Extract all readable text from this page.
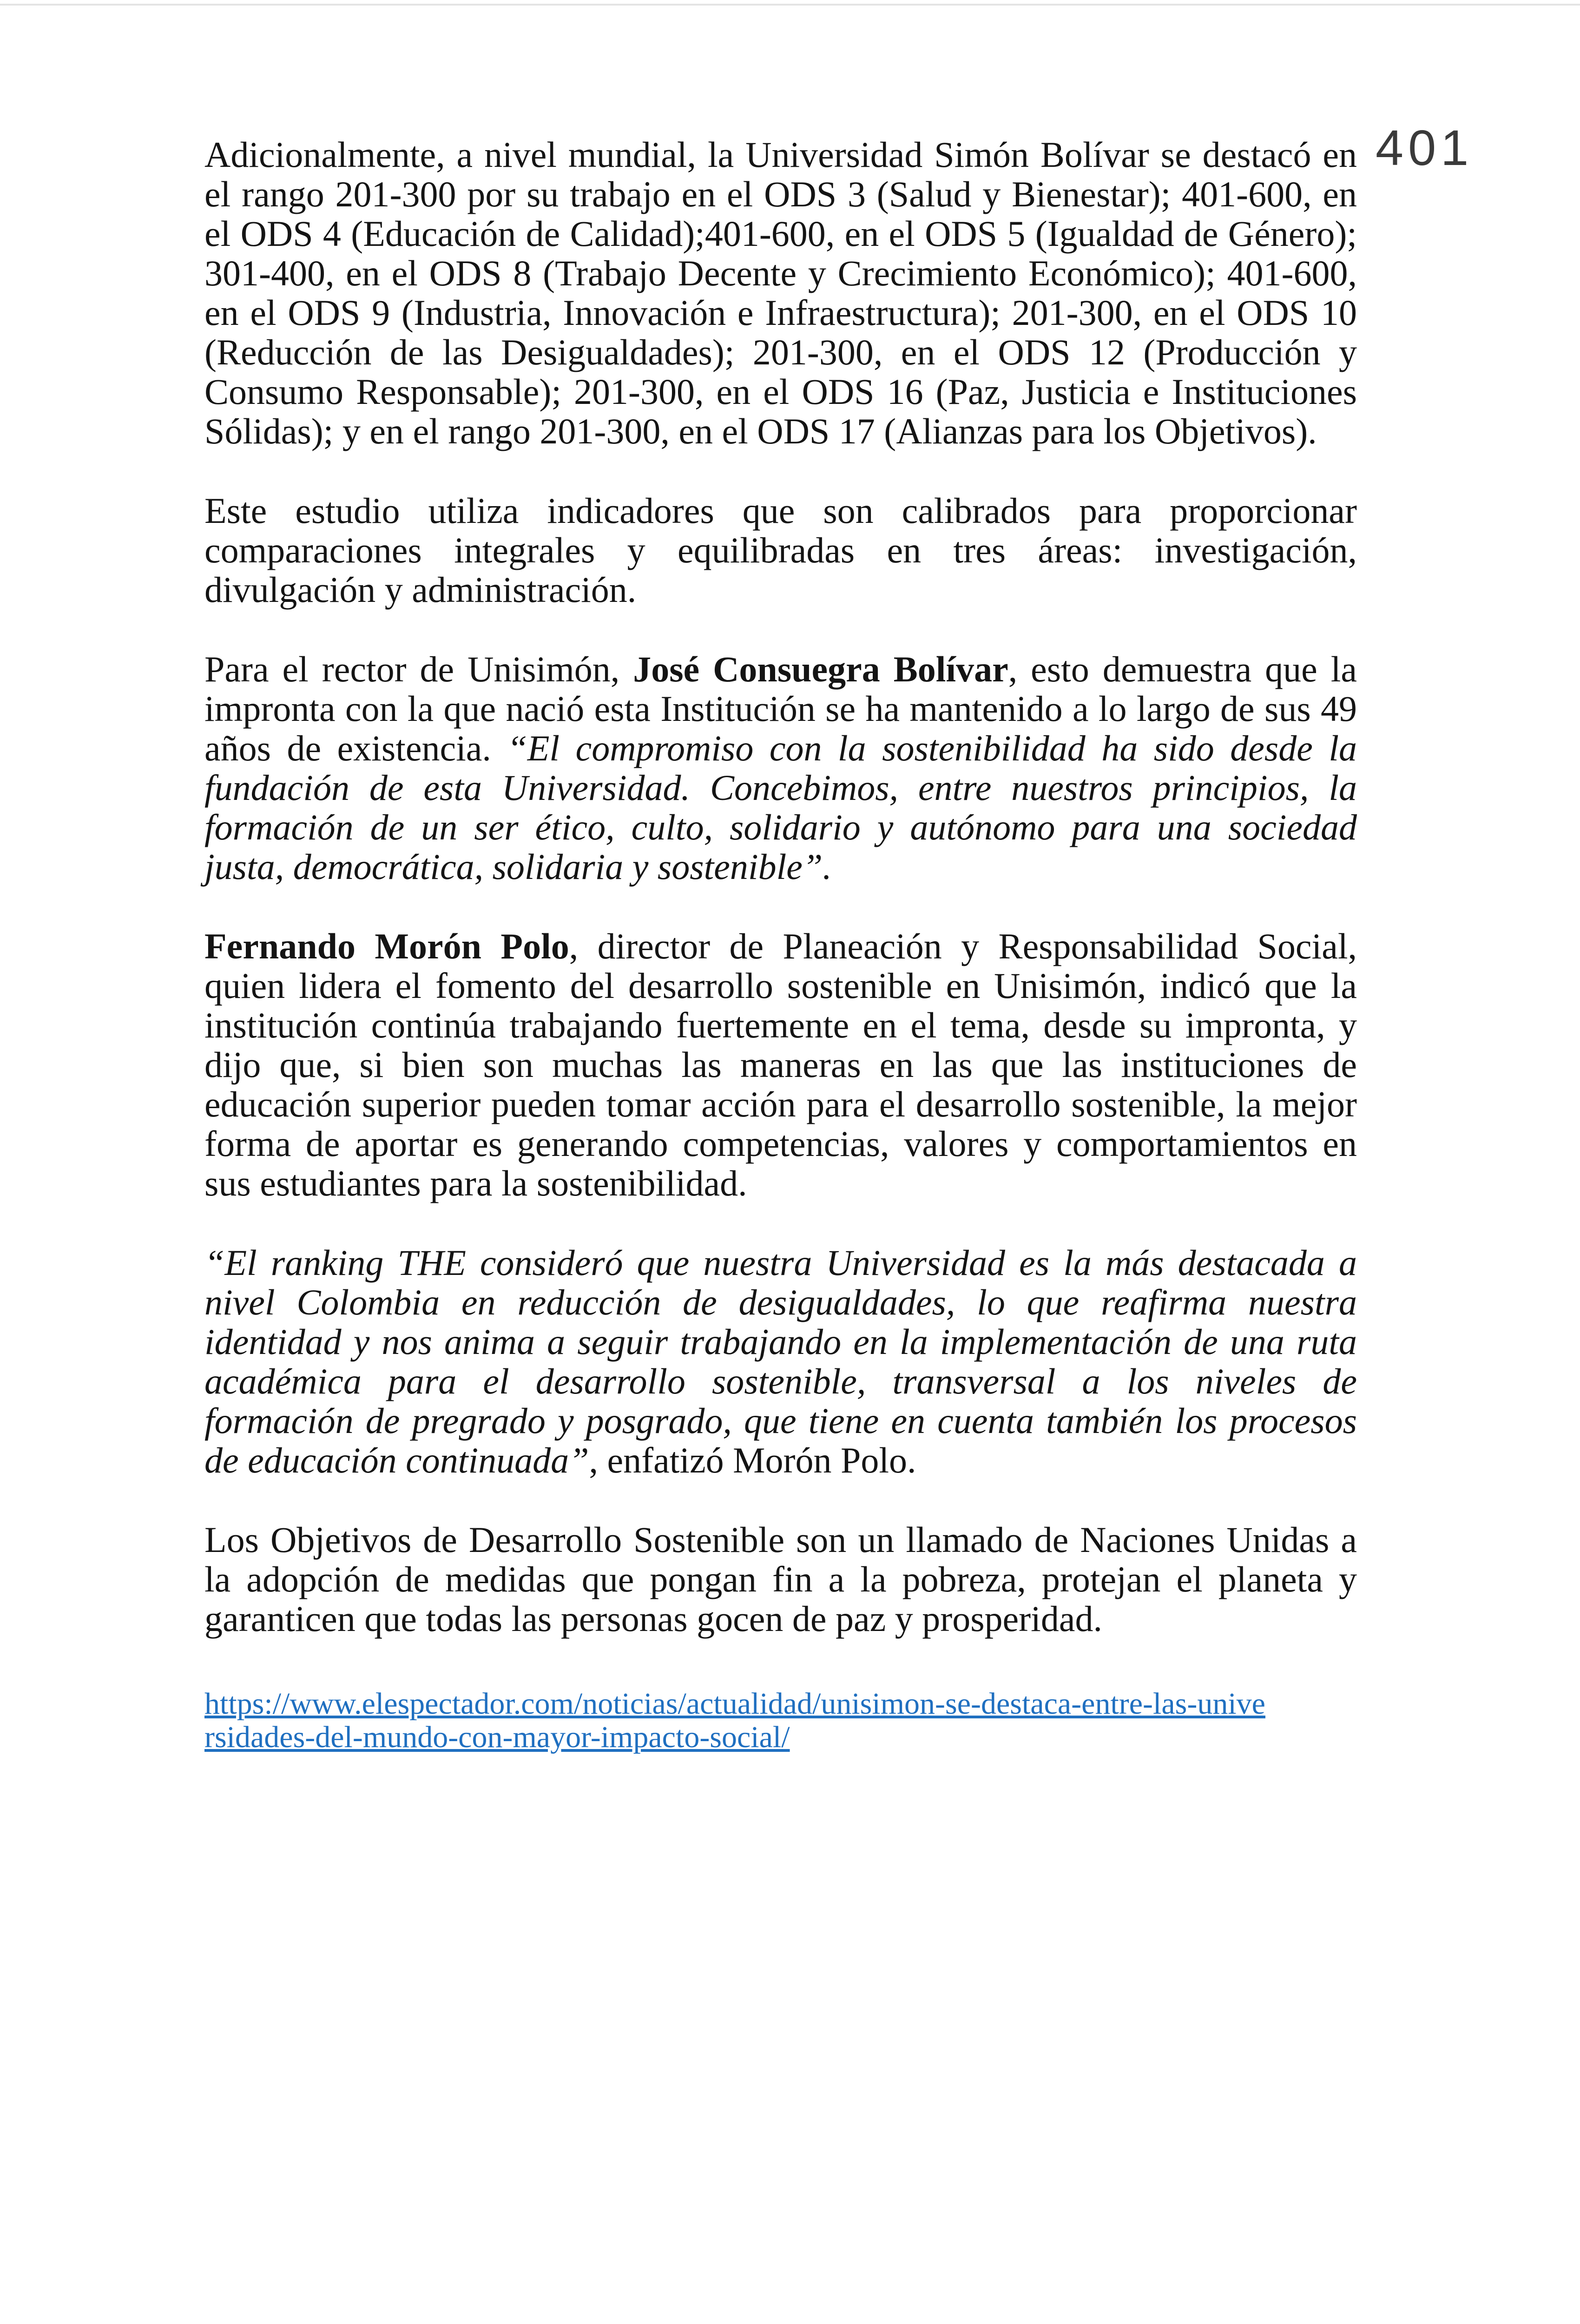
401

Adicionalmente, a nivel mundial, la Universidad Simón Bolívar se destacó en el rango 201-300 por su trabajo en el ODS 3 (Salud y Bienestar); 401-600, en el ODS 4 (Educación de Calidad);401-600, en el ODS 5 (Igualdad de Género); 301-400, en el ODS 8 (Trabajo Decente y Crecimiento Económico); 401-600, en el ODS 9 (Industria, Innovación e Infraestructura); 201-300, en el ODS 10 (Reducción de las Desigualdades); 201-300, en el ODS 12 (Producción y Consumo Responsable); 201-300, en el ODS 16 (Paz, Justicia e Instituciones Sólidas); y en el rango 201-300, en el ODS 17 (Alianzas para los Objetivos).

Este estudio utiliza indicadores que son calibrados para proporcionar comparaciones integrales y equilibradas en tres áreas: investigación, divulgación y administración.

Para el rector de Unisimón, José Consuegra Bolívar, esto demuestra que la impronta con la que nació esta Institución se ha mantenido a lo largo de sus 49 años de existencia. “El compromiso con la sostenibilidad ha sido desde la fundación de esta Universidad. Concebimos, entre nuestros principios, la formación de un ser ético, culto, solidario y autónomo para una sociedad justa, democrática, solidaria y sostenible”.

Fernando Morón Polo, director de Planeación y Responsabilidad Social, quien lidera el fomento del desarrollo sostenible en Unisimón, indicó que la institución continúa trabajando fuertemente en el tema, desde su impronta, y dijo que, si bien son muchas las maneras en las que las instituciones de educación superior pueden tomar acción para el desarrollo sostenible, la mejor forma de aportar es generando competencias, valores y comportamientos en sus estudiantes para la sostenibilidad.

“El ranking THE consideró que nuestra Universidad es la más destacada a nivel Colombia en reducción de desigualdades, lo que reafirma nuestra identidad y nos anima a seguir trabajando en la implementación de una ruta académica para el desarrollo sostenible, transversal a los niveles de formación de pregrado y posgrado, que tiene en cuenta también los procesos de educación continuada”, enfatizó Morón Polo.

Los Objetivos de Desarrollo Sostenible son un llamado de Naciones Unidas a la adopción de medidas que pongan fin a la pobreza, protejan el planeta y garanticen que todas las personas gocen de paz y prosperidad.

https://www.elespectador.com/noticias/actualidad/unisimon-se-destaca-entre-las-universidades-del-mundo-con-mayor-impacto-social/
